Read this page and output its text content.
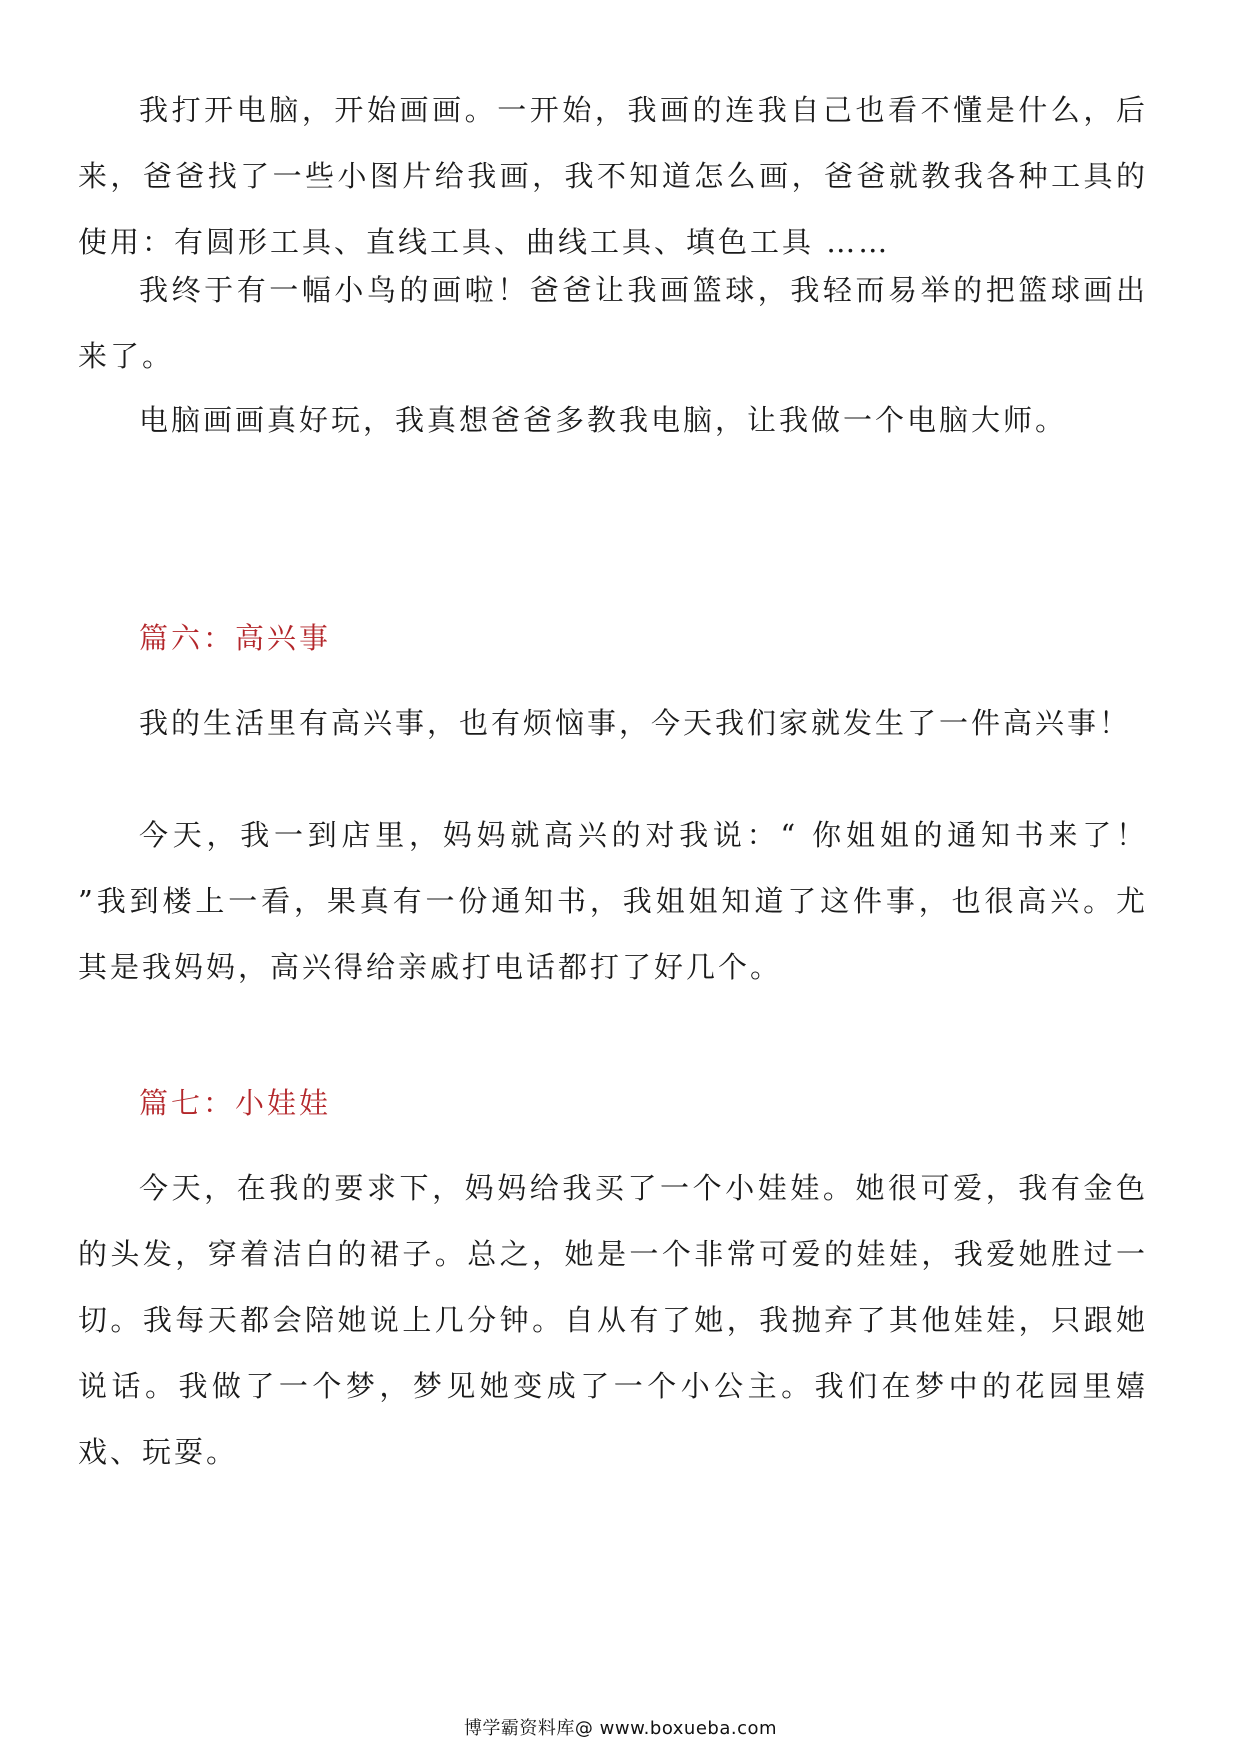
我打开电脑，开始画画。一开始，我画的连我自己也看不懂是什么，后来，爸爸找了一些小图片给我画，我不知道怎么画，爸爸就教我各种工具的使用：有圆形工具、直线工具、曲线工具、填色工具 ……

我终于有一幅小鸟的画啦！爸爸让我画篮球，我轻而易举的把篮球画出来了。

电脑画画真好玩，我真想爸爸多教我电脑，让我做一个电脑大师。

篇六：高兴事

我的生活里有高兴事，也有烦恼事，今天我们家就发生了一件高兴事！

今天，我一到店里，妈妈就高兴的对我说：“ 你姐姐的通知书来了！ ”我到楼上一看，果真有一份通知书，我姐姐知道了这件事，也很高兴。尤其是我妈妈，高兴得给亲戚打电话都打了好几个。

篇七：小娃娃

今天，在我的要求下，妈妈给我买了一个小娃娃。她很可爱，我有金色的头发，穿着洁白的裙子。总之，她是一个非常可爱的娃娃，我爱她胜过一切。我每天都会陪她说上几分钟。自从有了她，我抛弃了其他娃娃，只跟她说话。我做了一个梦，梦见她变成了一个小公主。我们在梦中的花园里嬉戏、玩耍。

博学霸资料库@ www.boxueba.com
